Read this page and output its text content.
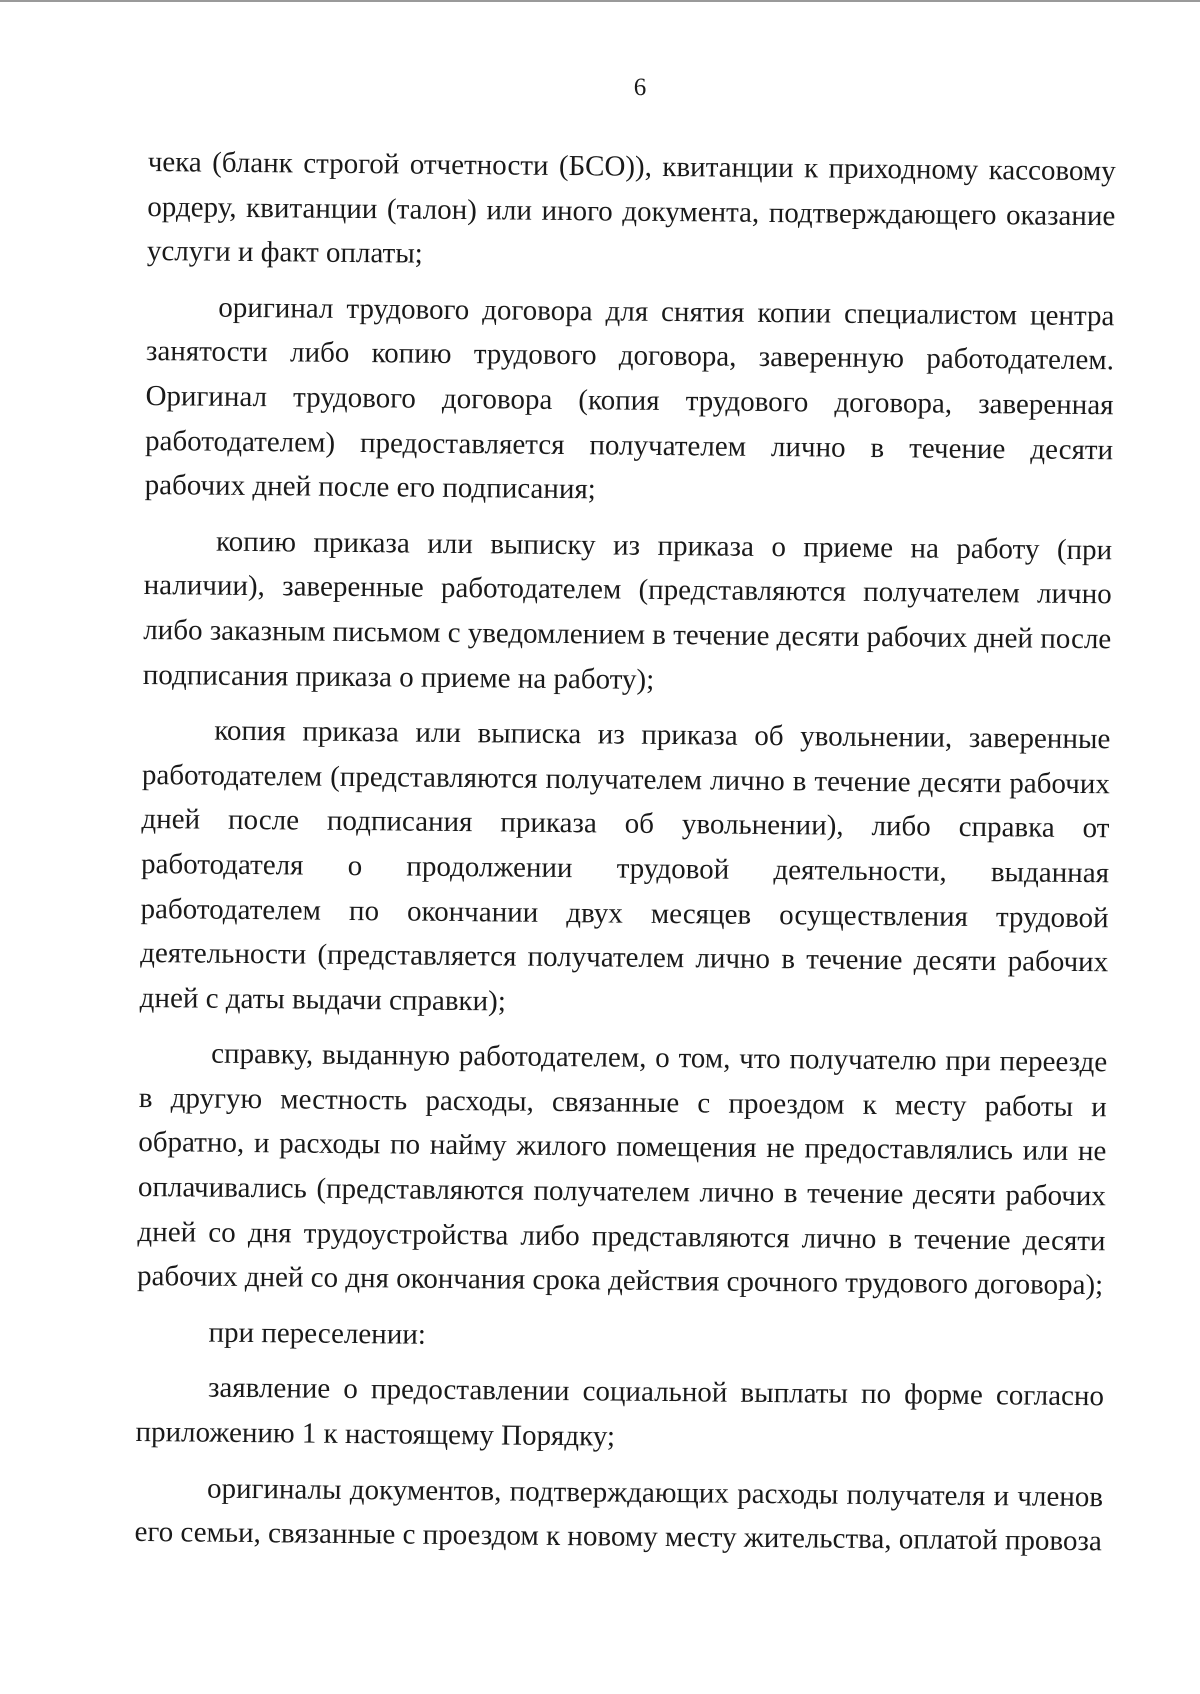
6

чека (бланк строгой отчетности (БСО)), квитанции к приходному кассовому ордеру, квитанции (талон) или иного документа, подтверждающего оказание услуги и факт оплаты;

оригинал трудового договора для снятия копии специалистом центра занятости либо копию трудового договора, заверенную работодателем. Оригинал трудового договора (копия трудового договора, заверенная работодателем) предоставляется получателем лично в течение десяти рабочих дней после его подписания;

копию приказа или выписку из приказа о приеме на работу (при наличии), заверенные работодателем (представляются получателем лично либо заказным письмом с уведомлением в течение десяти рабочих дней после подписания приказа о приеме на работу);

копия приказа или выписка из приказа об увольнении, заверенные работодателем (представляются получателем лично в течение десяти рабочих дней после подписания приказа об увольнении), либо справка от работодателя о продолжении трудовой деятельности, выданная работодателем по окончании двух месяцев осуществления трудовой деятельности (представляется получателем лично в течение десяти рабочих дней с даты выдачи справки);

справку, выданную работодателем, о том, что получателю при переезде в другую местность расходы, связанные с проездом к месту работы и обратно, и расходы по найму жилого помещения не предоставлялись или не оплачивались (представляются получателем лично в течение десяти рабочих дней со дня трудоустройства либо представляются лично в течение десяти рабочих дней со дня окончания срока действия срочного трудового договора);

при переселении:

заявление о предоставлении социальной выплаты по форме согласно приложению 1 к настоящему Порядку;

оригиналы документов, подтверждающих расходы получателя и членов его семьи, связанные с проездом к новому месту жительства, оплатой провоза
